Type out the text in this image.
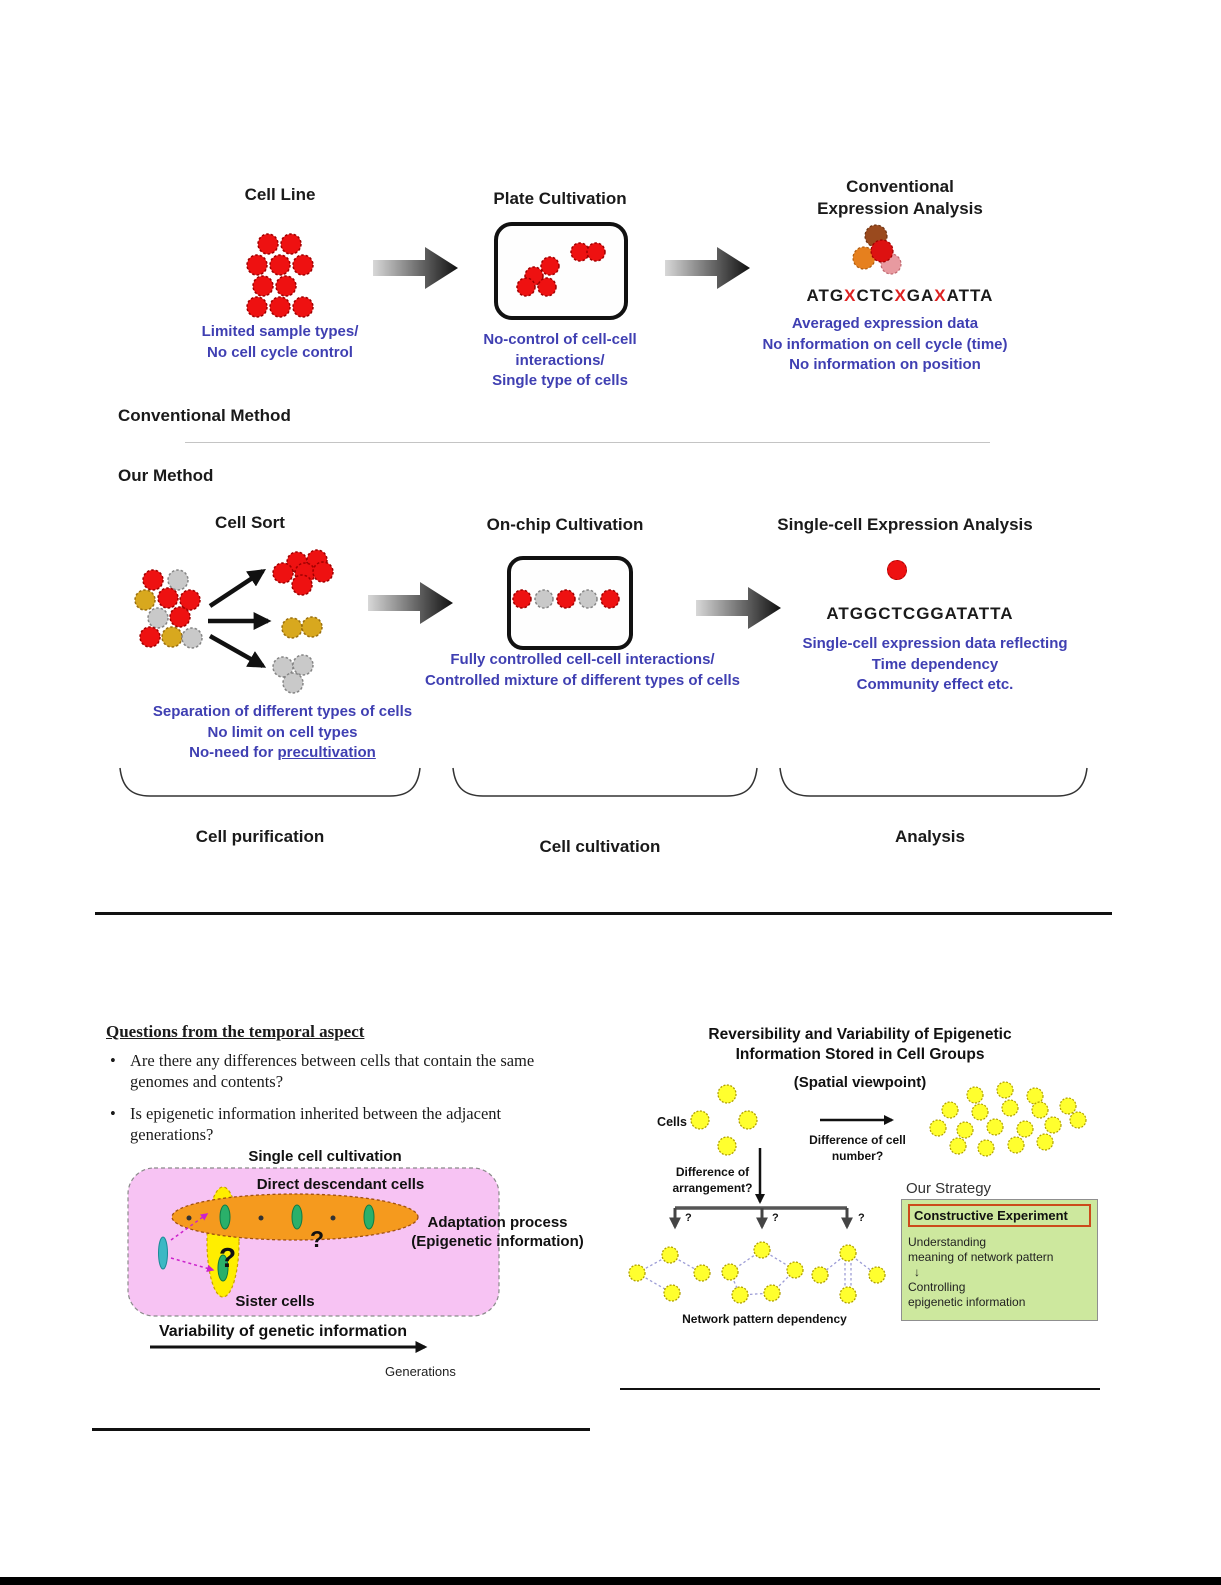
Cell Line
Limited sample types/
No cell cycle control
Plate Cultivation
No-control of cell-cell
interactions/
Single type of cells
Conventional
Expression Analysis
ATGXCTCXGAXATTA
Averaged expression data
No information on cell cycle (time)
No information on position
Conventional Method
Our Method
Cell Sort
Separation of different types of cells
No limit on cell types
No-need for precultivation
On-chip Cultivation
Fully controlled cell-cell interactions/
Controlled mixture of different types of cells
Single-cell Expression Analysis
ATGGCTCGGATATTA
Single-cell expression data reflecting
Time dependency
Community effect etc.
Cell purification
Cell cultivation
Analysis
Questions from the temporal aspect
• Are there any differences between cells that contain the same genomes and contents?
• Is epigenetic information inherited between the adjacent generations?
Single cell cultivation
Direct descendant cells
?
?
Adaptation process
(Epigenetic information)
Sister cells
Variability of genetic information
Generations
Reversibility and Variability of Epigenetic
Information Stored in Cell Groups
(Spatial viewpoint)
Cells
Difference of cell
number?
Difference of
arrangement?
?	?	?
Network pattern dependency
Our Strategy
Constructive Experiment
Understanding
meaning of network pattern
↓
Controlling
epigenetic information
